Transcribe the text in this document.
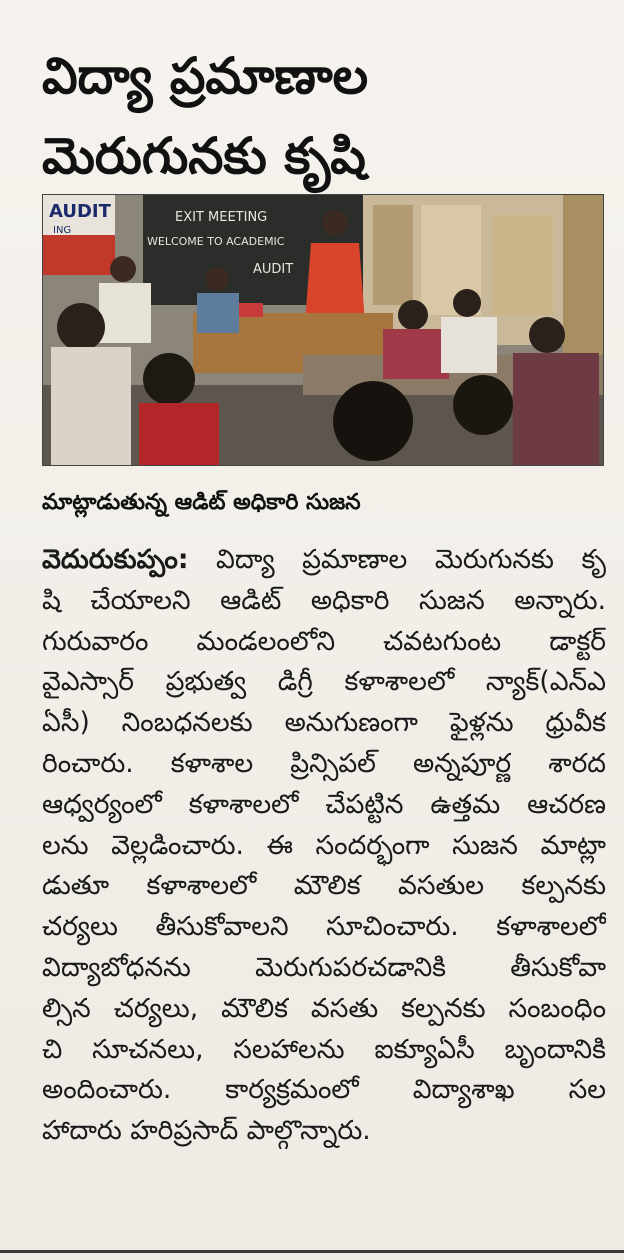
విద్యా ప్రమాణాల
మెరుగునకు కృషి
AUDIT
ING
EXIT MEETING
WELCOME TO ACADEMIC
AUDIT
మాట్లాడుతున్న ఆడిట్ అధికారి సుజన
వెదురుకుప్పం: విద్యా ప్రమాణాల మెరుగునకు కృ
షి చేయాలని ఆడిట్ అధికారి సుజన అన్నారు.
గురువారం మండలంలోని చవటగుంట డాక్టర్
వైఎస్సార్ ప్రభుత్వ డిగ్రీ కళాశాలలో న్యాక్(ఎన్ఎ
ఏసీ) నింబధనలకు అనుగుణంగా ఫైళ్లను ధ్రువీక
రించారు. కళాశాల ప్రిన్సిపల్ అన్నపూర్ణ శారద
ఆధ్వర్యంలో కళాశాలలో చేపట్టిన ఉత్తమ ఆచరణ
లను వెల్లడించారు. ఈ సందర్భంగా సుజన మాట్లా
డుతూ కళాశాలలో మౌలిక వసతుల కల్పనకు
చర్యలు తీసుకోవాలని సూచించారు. కళాశాలలో
విద్యాబోధనను మెరుగుపరచడానికి తీసుకోవా
ల్సిన చర్యలు, మౌలిక వసతు కల్పనకు సంబంధిం
చి సూచనలు, సలహాలను ఐక్యూఏసీ బృందానికి
అందించారు. కార్యక్రమంలో విద్యాశాఖ సల
హాదారు హరిప్రసాద్ పాల్గొన్నారు.
